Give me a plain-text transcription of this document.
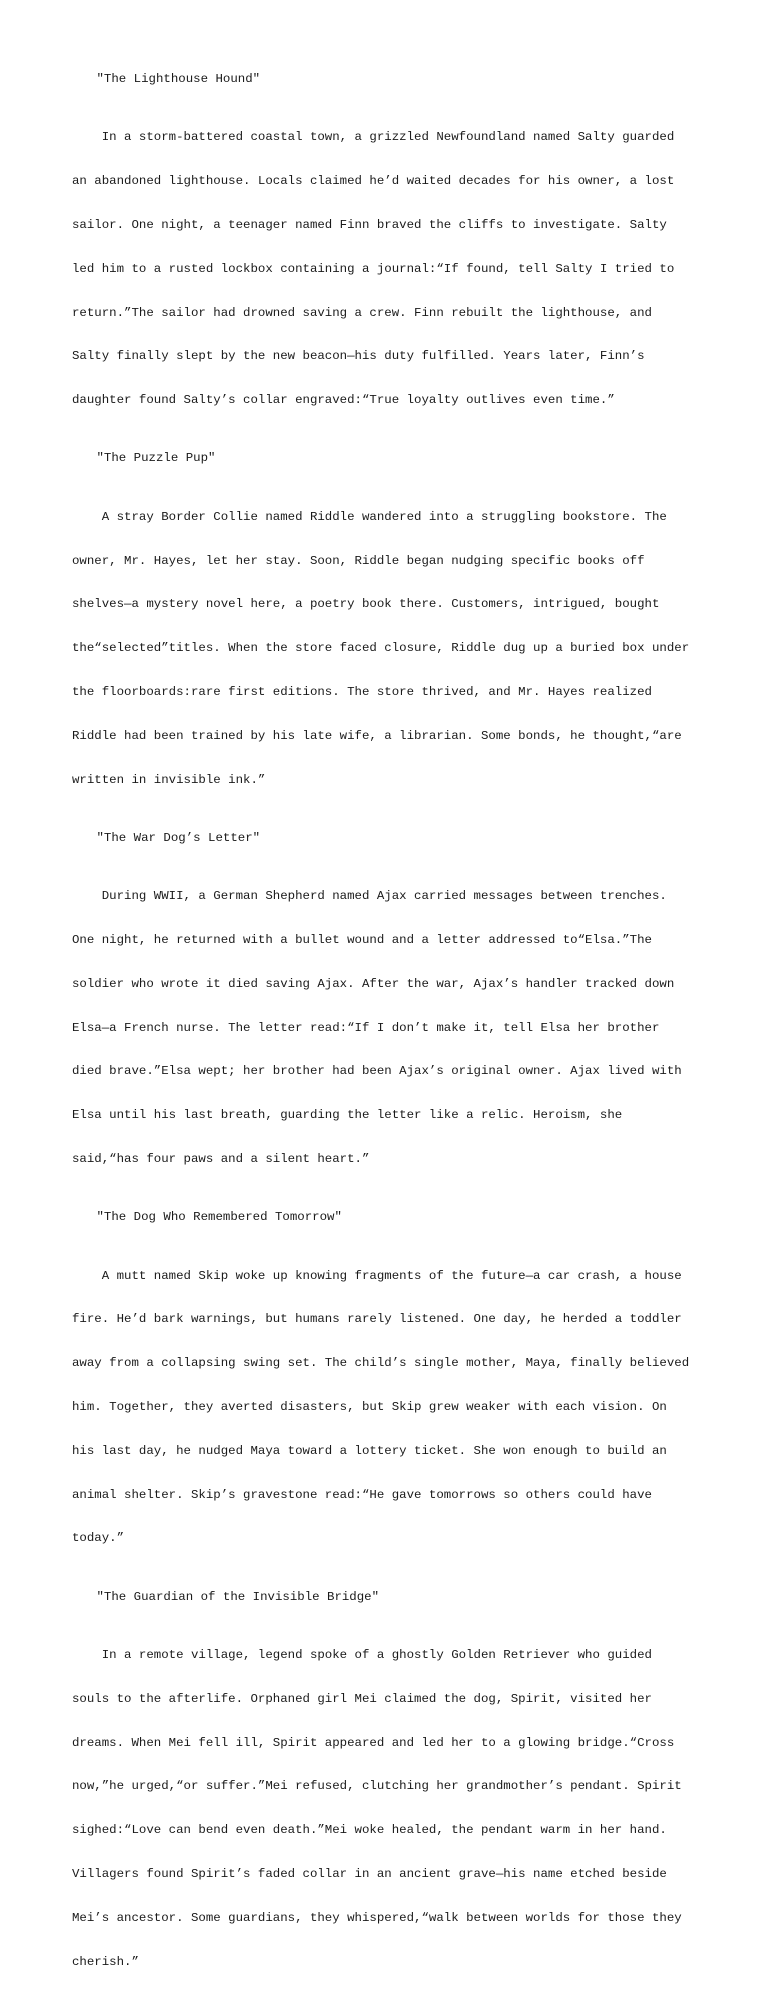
"The Lighthouse Hound"

In a storm-battered coastal town, a grizzled Newfoundland named Salty guarded

an abandoned lighthouse. Locals claimed he’d waited decades for his owner, a lost

sailor. One night, a teenager named Finn braved the cliffs to investigate. Salty

led him to a rusted lockbox containing a journal:“If found, tell Salty I tried to

return.”The sailor had drowned saving a crew. Finn rebuilt the lighthouse, and

Salty finally slept by the new beacon—his duty fulfilled. Years later, Finn’s

daughter found Salty’s collar engraved:“True loyalty outlives even time.”

"The Puzzle Pup"

A stray Border Collie named Riddle wandered into a struggling bookstore. The

owner, Mr. Hayes, let her stay. Soon, Riddle began nudging specific books off

shelves—a mystery novel here, a poetry book there. Customers, intrigued, bought

the“selected”titles. When the store faced closure, Riddle dug up a buried box under

the floorboards:rare first editions. The store thrived, and Mr. Hayes realized

Riddle had been trained by his late wife, a librarian. Some bonds, he thought,“are

written in invisible ink.”

"The War Dog’s Letter"

During WWII, a German Shepherd named Ajax carried messages between trenches.

One night, he returned with a bullet wound and a letter addressed to“Elsa.”The

soldier who wrote it died saving Ajax. After the war, Ajax’s handler tracked down

Elsa—a French nurse. The letter read:“If I don’t make it, tell Elsa her brother

died brave.”Elsa wept; her brother had been Ajax’s original owner. Ajax lived with

Elsa until his last breath, guarding the letter like a relic. Heroism, she

said,“has four paws and a silent heart.”

"The Dog Who Remembered Tomorrow"

A mutt named Skip woke up knowing fragments of the future—a car crash, a house

fire. He’d bark warnings, but humans rarely listened. One day, he herded a toddler

away from a collapsing swing set. The child’s single mother, Maya, finally believed

him. Together, they averted disasters, but Skip grew weaker with each vision. On

his last day, he nudged Maya toward a lottery ticket. She won enough to build an

animal shelter. Skip’s gravestone read:“He gave tomorrows so others could have

today.”

"The Guardian of the Invisible Bridge"

In a remote village, legend spoke of a ghostly Golden Retriever who guided

souls to the afterlife. Orphaned girl Mei claimed the dog, Spirit, visited her

dreams. When Mei fell ill, Spirit appeared and led her to a glowing bridge.“Cross

now,”he urged,“or suffer.”Mei refused, clutching her grandmother’s pendant. Spirit

sighed:“Love can bend even death.”Mei woke healed, the pendant warm in her hand.

Villagers found Spirit’s faded collar in an ancient grave—his name etched beside

Mei’s ancestor. Some guardians, they whispered,“walk between worlds for those they

cherish.”
